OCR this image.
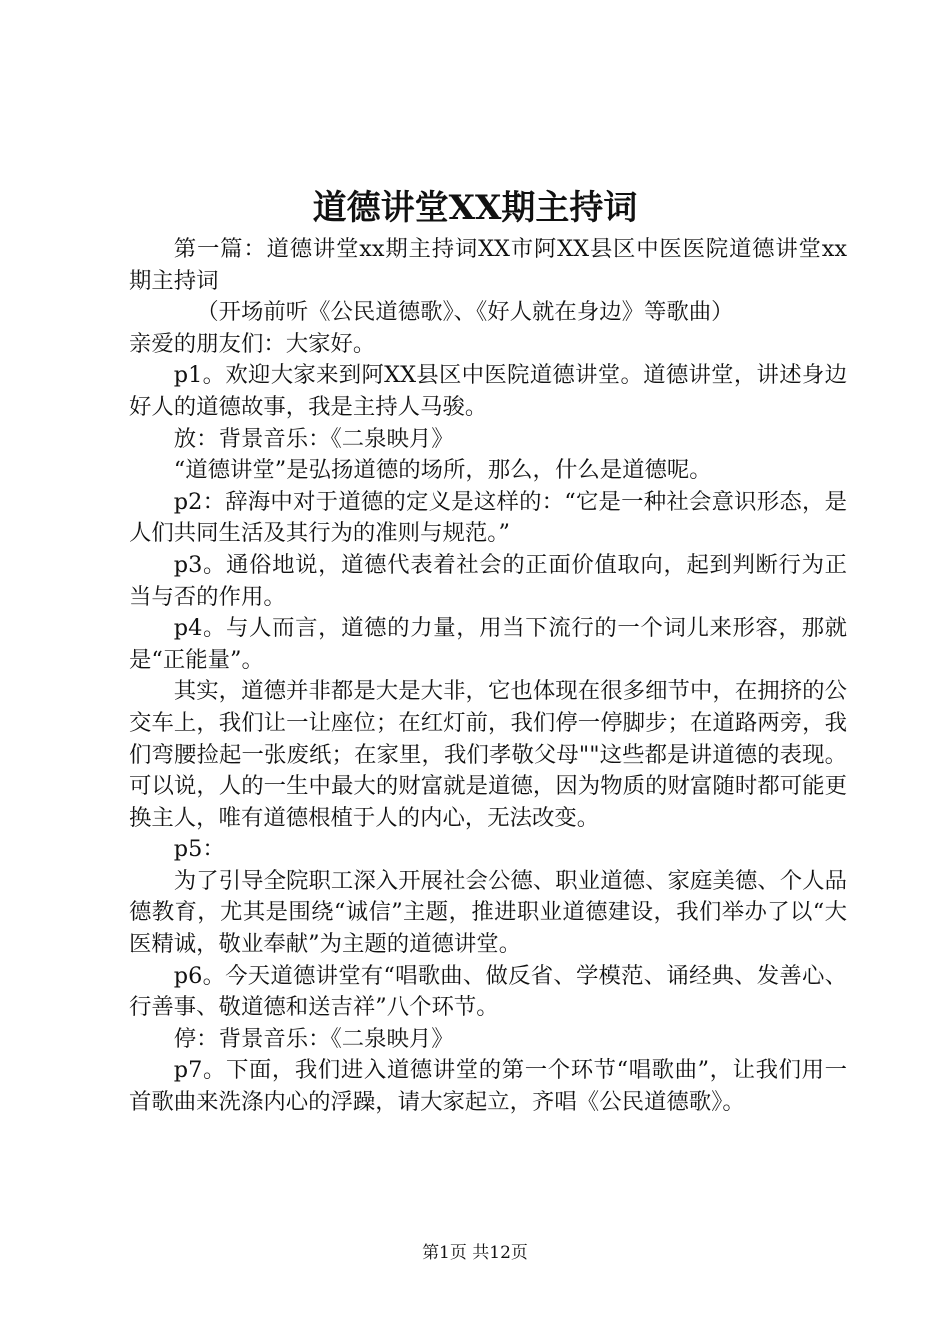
道德讲堂XX期主持词

第一篇：道德讲堂xx期主持词XX市阿XX县区中医医院道德讲堂xx期主持词

（开场前听《公民道德歌》、《好人就在身边》等歌曲）

亲爱的朋友们：大家好。

p1。欢迎大家来到阿XX县区中医院道德讲堂。道德讲堂，讲述身边好人的道德故事，我是主持人马骏。

放：背景音乐：《二泉映月》

“道德讲堂”是弘扬道德的场所，那么，什么是道德呢。

p2：辞海中对于道德的定义是这样的：“它是一种社会意识形态，是人们共同生活及其行为的准则与规范。”

p3。通俗地说，道德代表着社会的正面价值取向，起到判断行为正当与否的作用。

p4。与人而言，道德的力量，用当下流行的一个词儿来形容，那就是“正能量”。

其实，道德并非都是大是大非，它也体现在很多细节中，在拥挤的公交车上，我们让一让座位；在红灯前，我们停一停脚步；在道路两旁，我们弯腰捡起一张废纸；在家里，我们孝敬父母""这些都是讲道德的表现。可以说，人的一生中最大的财富就是道德，因为物质的财富随时都可能更换主人，唯有道德根植于人的内心，无法改变。

p5：

为了引导全院职工深入开展社会公德、职业道德、家庭美德、个人品德教育，尤其是围绕“诚信”主题，推进职业道德建设，我们举办了以“大医精诚，敬业奉献”为主题的道德讲堂。

p6。今天道德讲堂有“唱歌曲、做反省、学模范、诵经典、发善心、行善事、敬道德和送吉祥”八个环节。

停：背景音乐：《二泉映月》

p7。下面，我们进入道德讲堂的第一个环节“唱歌曲”，让我们用一首歌曲来洗涤内心的浮躁，请大家起立，齐唱《公民道德歌》。

第1页 共12页
